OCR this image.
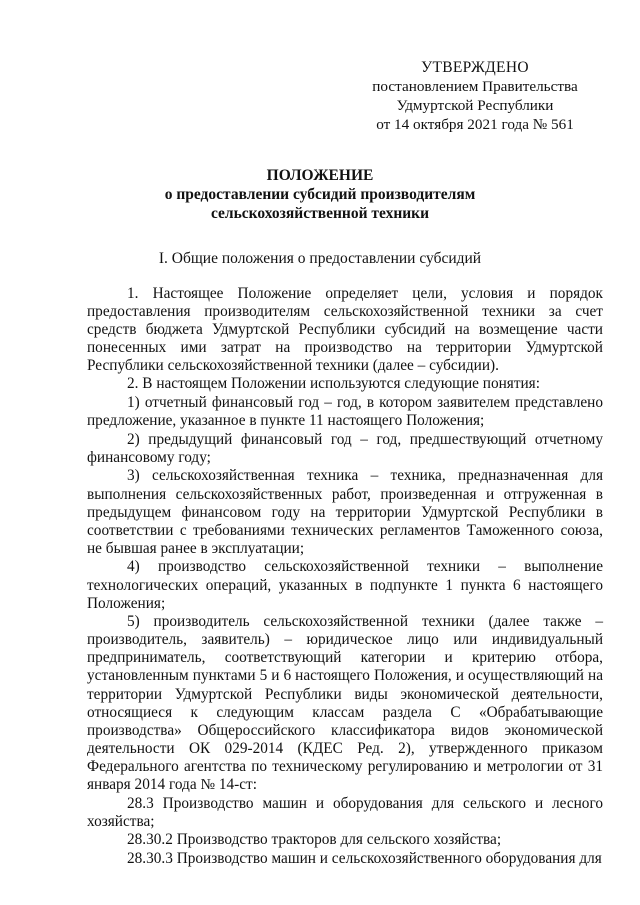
УТВЕРЖДЕНО
постановлением Правительства
Удмуртской Республики
от 14 октября 2021 года № 561
ПОЛОЖЕНИЕ
о предоставлении субсидий производителям
сельскохозяйственной техники
I. Общие положения о предоставлении субсидий

1. Настоящее Положение определяет цели, условия и порядок предоставления производителям сельскохозяйственной техники за счет средств бюджета Удмуртской Республики субсидий на возмещение части понесенных ими затрат на производство на территории Удмуртской Республики сельскохозяйственной техники (далее – субсидии).

2. В настоящем Положении используются следующие понятия:

1) отчетный финансовый год – год, в котором заявителем представлено предложение, указанное в пункте 11 настоящего Положения;

2) предыдущий финансовый год – год, предшествующий отчетному финансовому году;

3) сельскохозяйственная техника – техника, предназначенная для выполнения сельскохозяйственных работ, произведенная и отгруженная в предыдущем финансовом году на территории Удмуртской Республики в соответствии с требованиями технических регламентов Таможенного союза, не бывшая ранее в эксплуатации;

4) производство сельскохозяйственной техники – выполнение технологических операций, указанных в подпункте 1 пункта 6 настоящего Положения;

5) производитель сельскохозяйственной техники (далее также – производитель, заявитель) – юридическое лицо или индивидуальный предприниматель, соответствующий категории и критерию отбора, установленным пунктами 5 и 6 настоящего Положения, и осуществляющий на территории Удмуртской Республики виды экономической деятельности, относящиеся к следующим классам раздела С «Обрабатывающие производства» Общероссийского классификатора видов экономической деятельности ОК 029-2014 (КДЕС Ред. 2), утвержденного приказом Федерального агентства по техническому регулированию и метрологии от 31 января 2014 года № 14-ст:

28.3 Производство машин и оборудования для сельского и лесного хозяйства;

28.30.2 Производство тракторов для сельского хозяйства;

28.30.3 Производство машин и сельскохозяйственного оборудования для
